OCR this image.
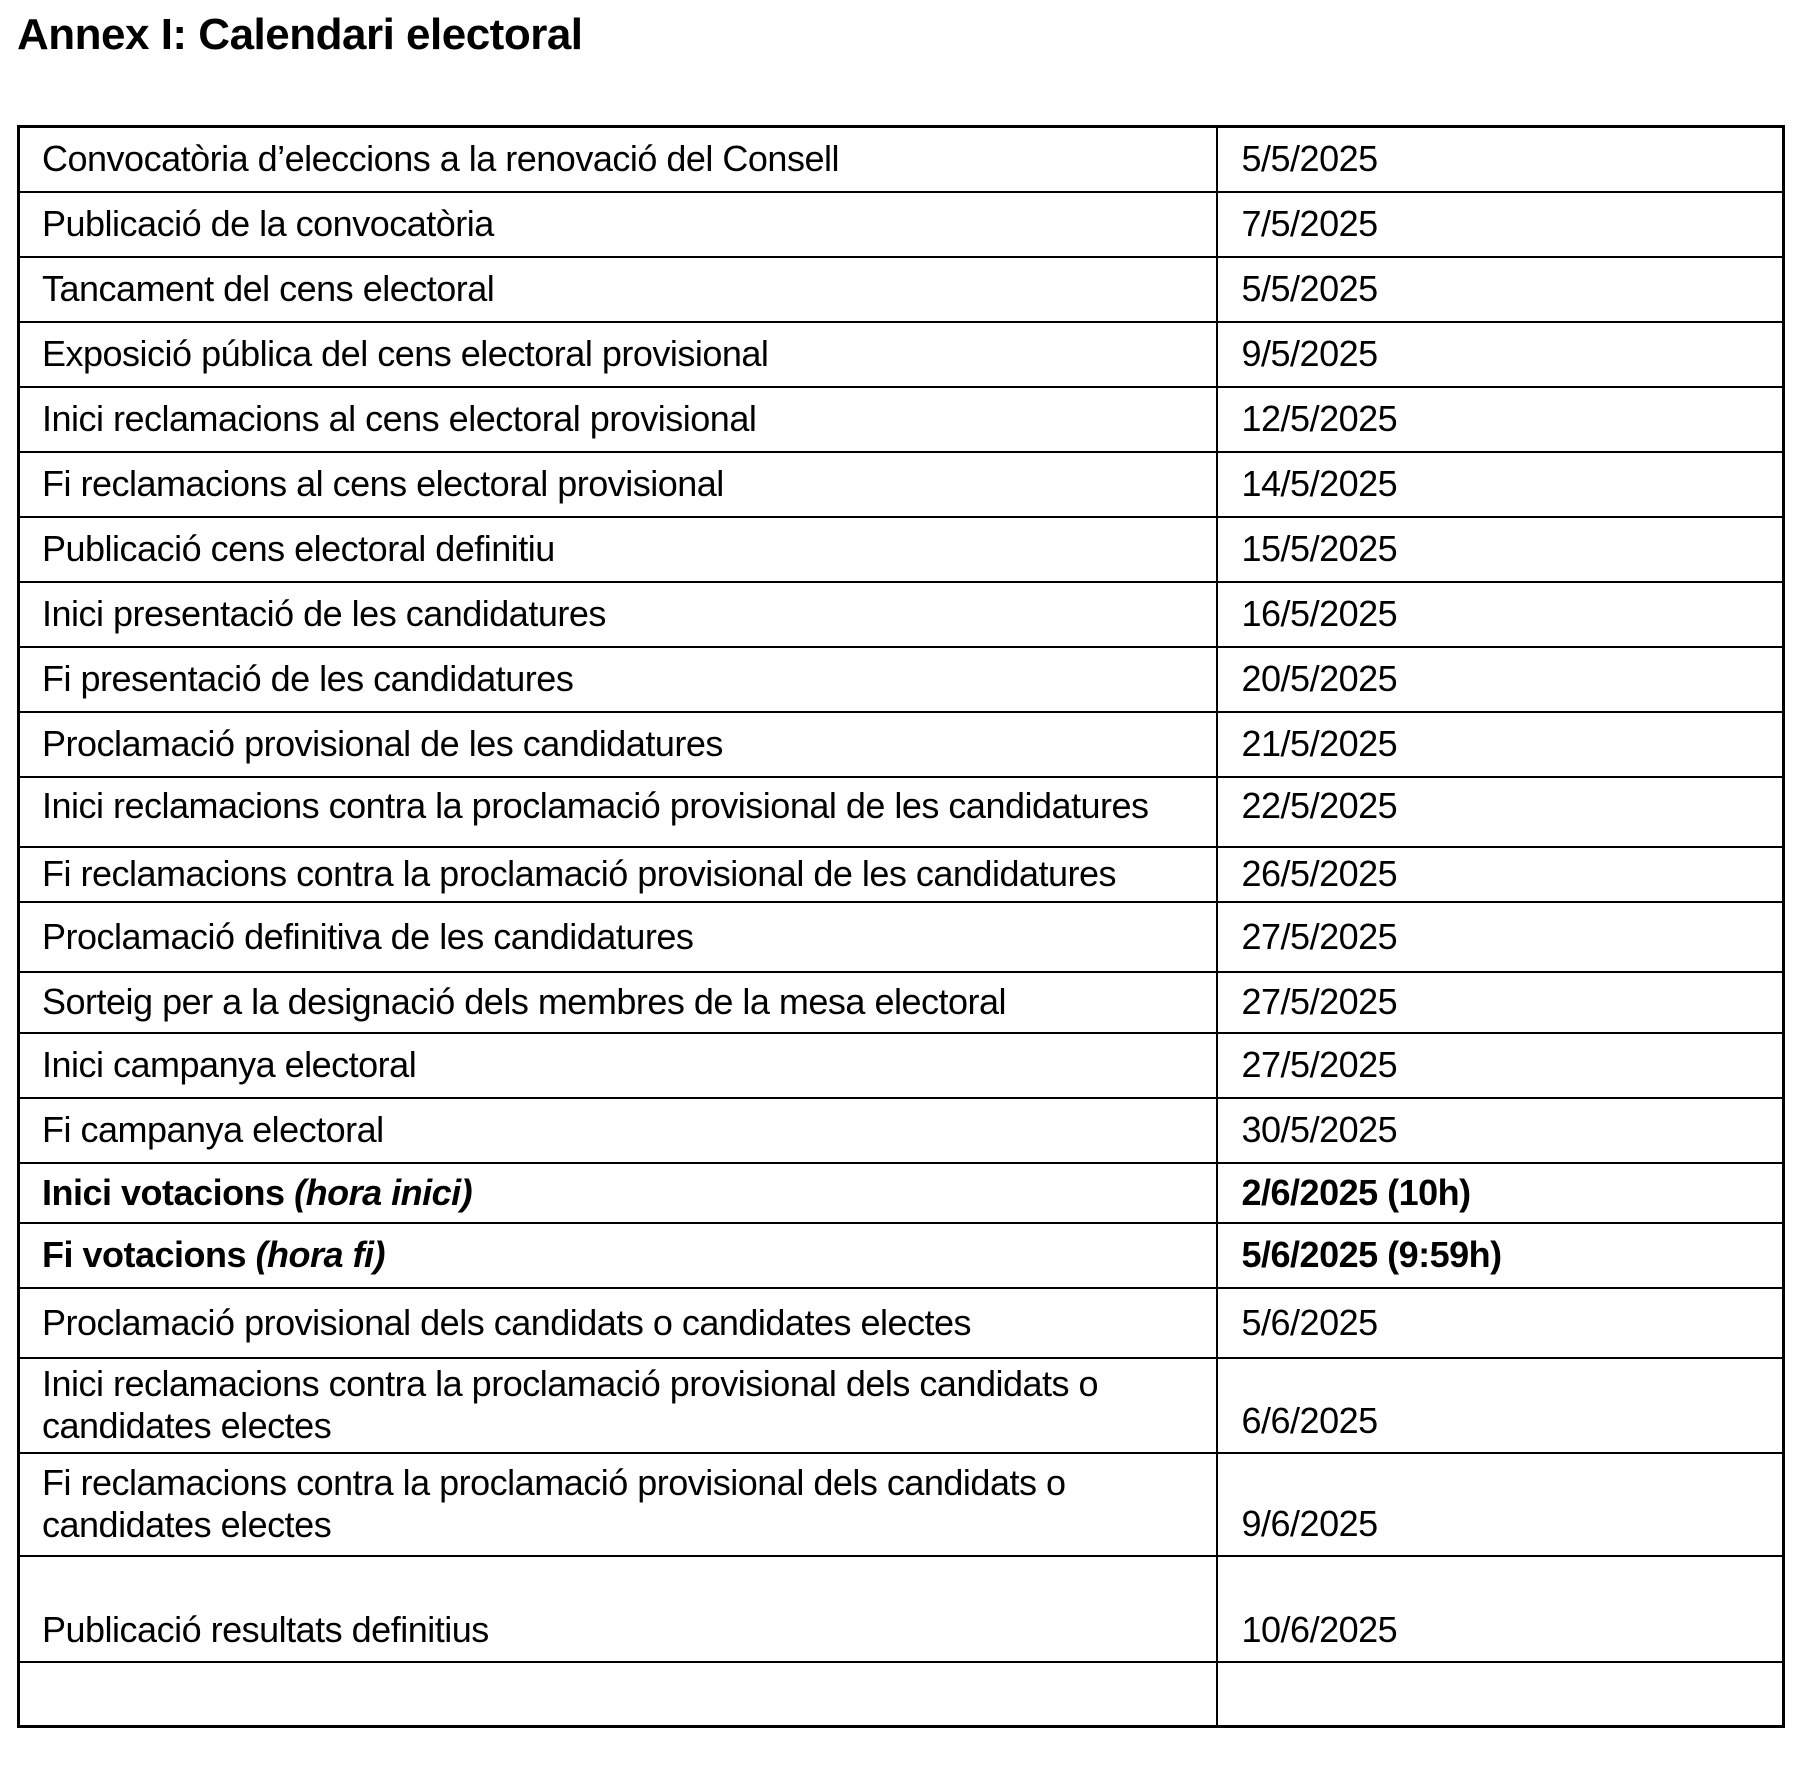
Annex I: Calendari electoral
Convocatòria d’eleccions a la renovació del Consell	5/5/2025
Publicació de la convocatòria	7/5/2025
Tancament del cens electoral	5/5/2025
Exposició pública del cens electoral provisional	9/5/2025
Inici reclamacions al cens electoral provisional	12/5/2025
Fi reclamacions al cens electoral provisional	14/5/2025
Publicació cens electoral definitiu	15/5/2025
Inici presentació de les candidatures	16/5/2025
Fi presentació de les candidatures	20/5/2025
Proclamació provisional de les candidatures	21/5/2025
Inici reclamacions contra la proclamació provisional de les candidatures	22/5/2025
Fi reclamacions contra la proclamació provisional de les candidatures	26/5/2025
Proclamació definitiva de les candidatures	27/5/2025
Sorteig per a la designació dels membres de la mesa electoral	27/5/2025
Inici campanya electoral	27/5/2025
Fi campanya electoral	30/5/2025
Inici votacions (hora inici)	2/6/2025 (10h)
Fi votacions (hora fi)	5/6/2025 (9:59h)
Proclamació provisional dels candidats o candidates electes	5/6/2025
Inici reclamacions contra la proclamació provisional dels candidats o
candidates electes	6/6/2025
Fi reclamacions contra la proclamació provisional dels candidats o
candidates electes	9/6/2025
Publicació resultats definitius	10/6/2025
